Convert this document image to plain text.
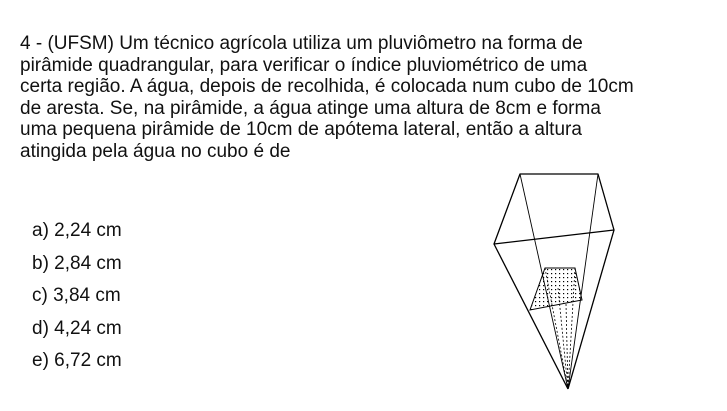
4 - (UFSM) Um técnico agrícola utiliza um pluviômetro na forma de
pirâmide quadrangular, para verificar o índice pluviométrico de uma
certa região. A água, depois de recolhida, é colocada num cubo de 10cm
de aresta. Se, na pirâmide, a água atinge uma altura de 8cm e forma
uma pequena pirâmide de 10cm de apótema lateral, então a altura
atingida pela água no cubo é de
a) 2,24 cm
b) 2,84 cm
c) 3,84 cm
d) 4,24 cm
e) 6,72 cm
